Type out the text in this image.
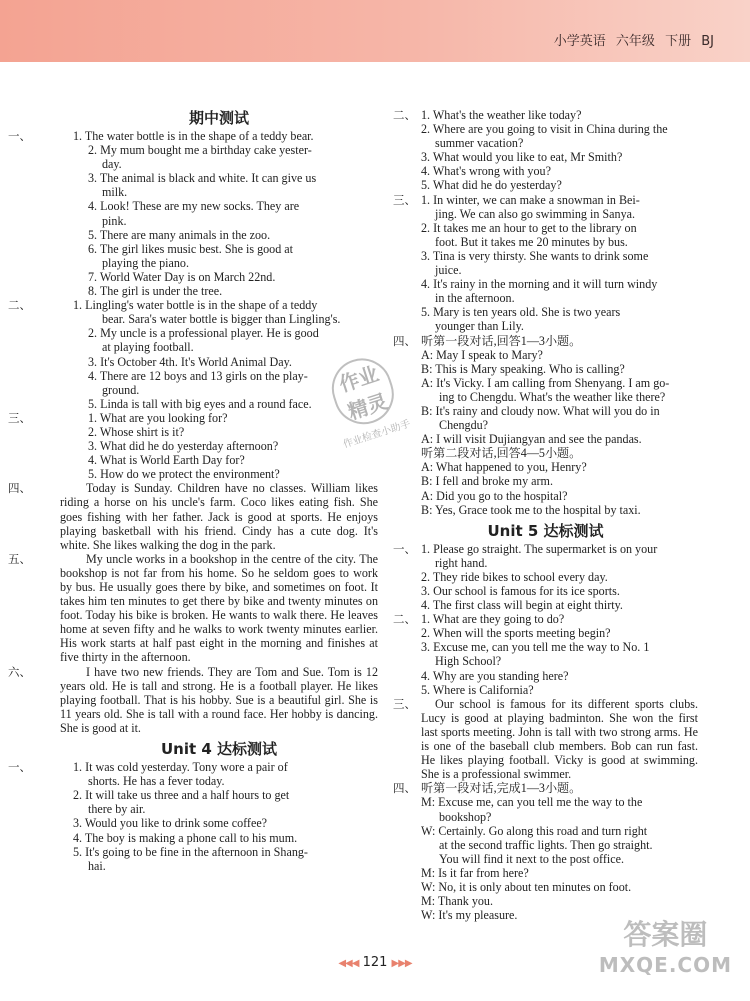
小学英语 六年级 下册 BJ
期中测试
一、	1. The water bottle is in the shape of a teddy bear.
2. My mum bought me a birthday cake yester-
day.
3. The animal is black and white. It can give us
milk.
4. Look! These are my new socks. They are
pink.
5. There are many animals in the zoo.
6. The girl likes music best. She is good at
playing the piano.
7. World Water Day is on March 22nd.
8. The girl is under the tree.
二、	1. Lingling's water bottle is in the shape of a teddy
bear. Sara's water bottle is bigger than Lingling's.
2. My uncle is a professional player. He is good
at playing football.
3. It's October 4th. It's World Animal Day.
4. There are 12 boys and 13 girls on the play-
ground.
5. Linda is tall with big eyes and a round face.
三、	1. What are you looking for?
2. Whose shirt is it?
3. What did he do yesterday afternoon?
4. What is World Earth Day for?
5. How do we protect the environment?
四、	Today is Sunday. Children have no classes. William likes riding a horse on his uncle's farm. Coco likes eating fish. She goes fishing with her father. Jack is good at sports. He enjoys playing basketball with his friend. Cindy has a cute dog. It's white. She likes walking the dog in the park.
五、	My uncle works in a bookshop in the centre of the city. The bookshop is not far from his home. So he seldom goes to work by bus. He usually goes there by bike, and sometimes on foot. It takes him ten minutes to get there by bike and twenty minutes on foot. Today his bike is broken. He wants to walk there. He leaves home at seven fifty and he walks to work twenty minutes earlier. His work starts at half past eight in the morning and finishes at five thirty in the afternoon.
六、	I have two new friends. They are Tom and Sue. Tom is 12 years old. He is tall and strong. He is a football player. He likes playing football. That is his hobby. Sue is a beautiful girl. She is 11 years old. She is tall with a round face. Her hobby is dancing. She is good at it.
Unit 4 达标测试
一、	1. It was cold yesterday. Tony wore a pair of
shorts. He has a fever today.
2. It will take us three and a half hours to get
there by air.
3. Would you like to drink some coffee?
4. The boy is making a phone call to his mum.
5. It's going to be fine in the afternoon in Shang-
hai.
二、 1. What's the weather like today?
2. Where are you going to visit in China during the
summer vacation?
3. What would you like to eat, Mr Smith?
4. What's wrong with you?
5. What did he do yesterday?
三、 1. In winter, we can make a snowman in Bei-
jing. We can also go swimming in Sanya.
2. It takes me an hour to get to the library on
foot. But it takes me 20 minutes by bus.
3. Tina is very thirsty. She wants to drink some
juice.
4. It's rainy in the morning and it will turn windy
in the afternoon.
5. Mary is ten years old. She is two years
younger than Lily.
四、 听第一段对话,回答1—3小题。
A: May I speak to Mary?
B: This is Mary speaking. Who is calling?
A: It's Vicky. I am calling from Shenyang. I am go-
ing to Chengdu. What's the weather like there?
B: It's rainy and cloudy now. What will you do in
Chengdu?
A: I will visit Dujiangyan and see the pandas.
听第二段对话,回答4—5小题。
A: What happened to you, Henry?
B: I fell and broke my arm.
A: Did you go to the hospital?
B: Yes, Grace took me to the hospital by taxi.
Unit 5 达标测试
一、 1. Please go straight. The supermarket is on your
right hand.
2. They ride bikes to school every day.
3. Our school is famous for its ice sports.
4. The first class will begin at eight thirty.
二、 1. What are they going to do?
2. When will the sports meeting begin?
3. Excuse me, can you tell me the way to No. 1
High School?
4. Why are you standing here?
5. Where is California?
三、	Our school is famous for its different sports clubs. Lucy is good at playing badminton. She won the first last sports meeting. John is tall with two strong arms. He is one of the baseball club members. Bob can run fast. He likes playing football. Vicky is good at swimming. She is a professional swimmer.
四、 听第一段对话,完成1—3小题。
M: Excuse me, can you tell me the way to the
bookshop?
W: Certainly. Go along this road and turn right
at the second traffic lights. Then go straight.
You will find it next to the post office.
M: Is it far from here?
W: No, it is only about ten minutes on foot.
M: Thank you.
W: It's my pleasure.
作业
精灵
作业检查小助手
◀◀◀ 121 ▶▶▶
答案圈
MXQE.COM
